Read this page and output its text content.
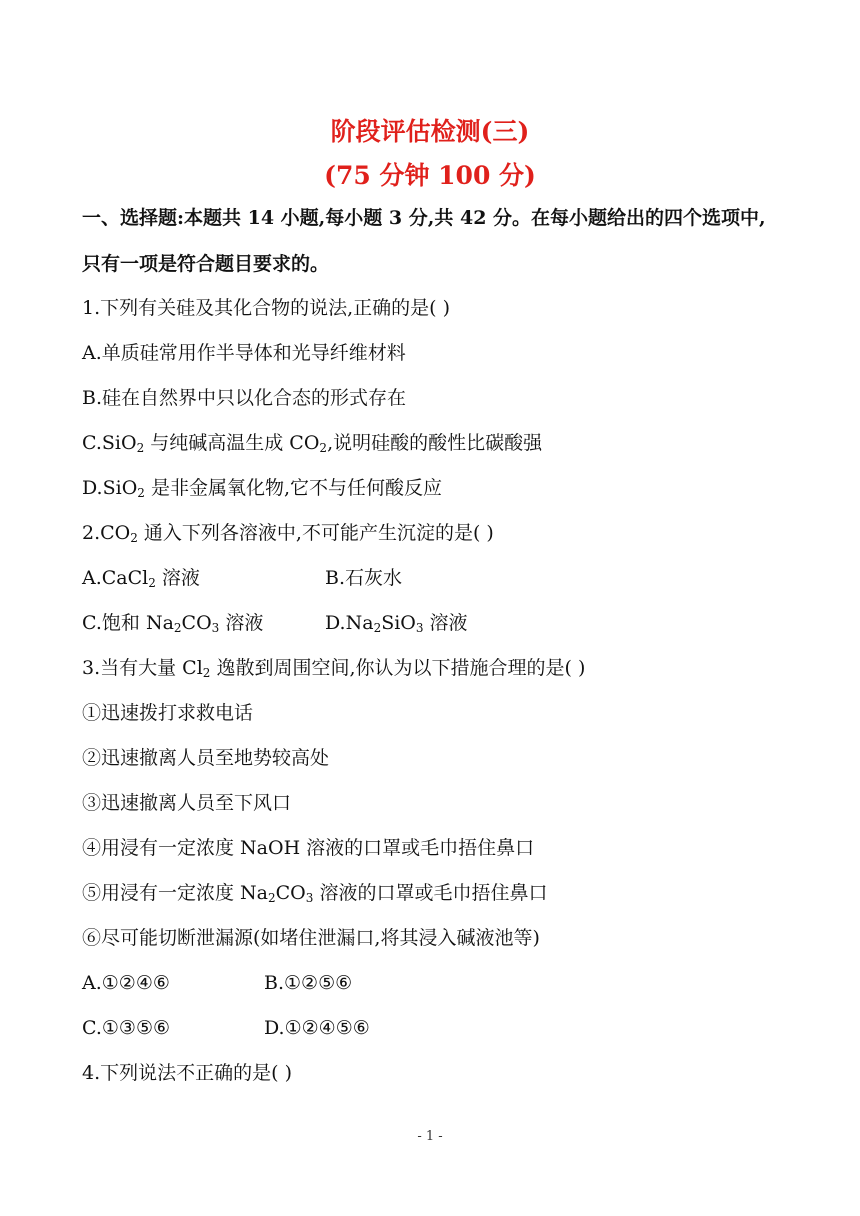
阶段评估检测(三)
(75 分钟 100 分)
一、选择题:本题共 14 小题,每小题 3 分,共 42 分。在每小题给出的四个选项中,
只有一项是符合题目要求的。
1.下列有关硅及其化合物的说法,正确的是( )
A.单质硅常用作半导体和光导纤维材料
B.硅在自然界中只以化合态的形式存在
C.SiO$_2$ 与纯碱高温生成 $CO_2$,说明硅酸的酸性比碳酸强
D.SiO$_2$ 是非金属氧化物,它不与任何酸反应
$2.CO_2$ 通入下列各溶液中,不可能产生沉淀的是( )
A.CaCl$_2$ 溶液	B.石灰水
C.饱和 $Na_2CO_3$ 溶液	$D.Na_2SiO_3$ 溶液
3.当有大量 $Cl_2$ 逸散到周围空间,你认为以下措施合理的是( )
①迅速拨打求救电话
②迅速撤离人员至地势较高处
③迅速撤离人员至下风口
④用浸有一定浓度 NaOH 溶液的口罩或毛巾捂住鼻口
⑤用浸有一定浓度 $Na_2CO_3$ 溶液的口罩或毛巾捂住鼻口
⑥尽可能切断泄漏源(如堵住泄漏口,将其浸入碱液池等)
A.①②④⑥	B.①②⑤⑥
C.①③⑤⑥	D.①②④⑤⑥
4.下列说法不正确的是( )
- 1 -
